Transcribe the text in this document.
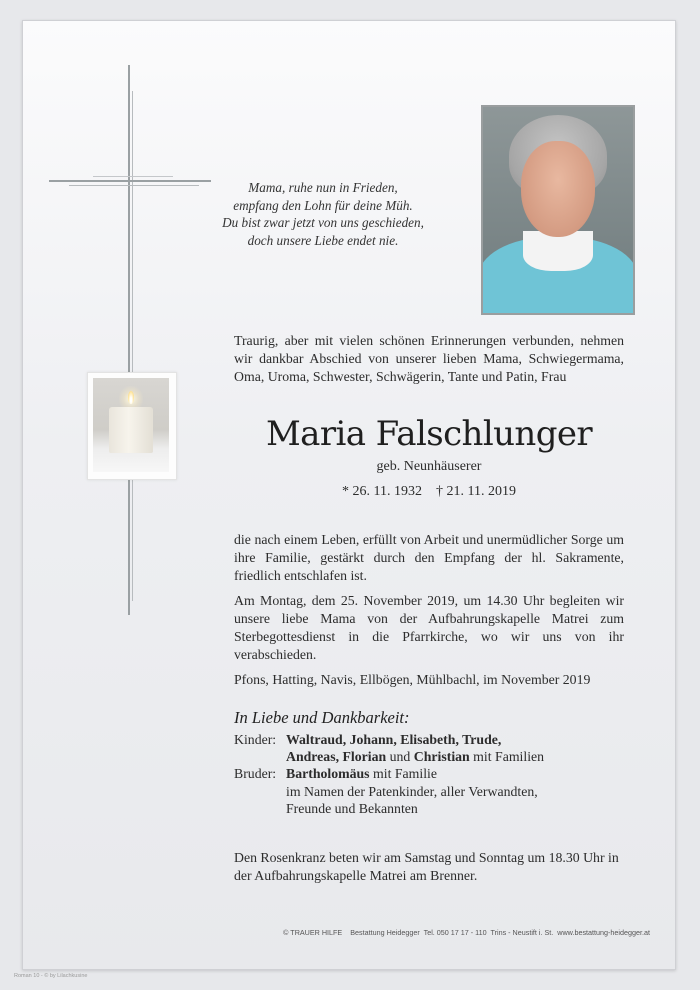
Mama, ruhe nun in Frieden,
empfang den Lohn für deine Müh.
Du bist zwar jetzt von uns geschieden,
doch unsere Liebe endet nie.
Traurig, aber mit vielen schönen Erinnerungen verbunden, nehmen wir dankbar Abschied von unserer lieben Mama, Schwiegermama, Oma, Uroma, Schwester, Schwägerin, Tante und Patin, Frau
Maria Falschlunger
geb. Neunhäuserer
* 26. 11. 1932    † 21. 11. 2019
die nach einem Leben, erfüllt von Arbeit und unermüdlicher Sorge um ihre Familie, gestärkt durch den Empfang der hl. Sakramente, friedlich entschlafen ist.
Am Montag, dem 25. November 2019, um 14.30 Uhr begleiten wir unsere liebe Mama von der Aufbahrungskapelle Matrei zum Sterbegottesdienst in die Pfarrkirche, wo wir uns von ihr verabschieden.
Pfons, Hatting, Navis, Ellbögen, Mühlbachl, im November 2019
In Liebe und Dankbarkeit:
Kinder: Waltraud, Johann, Elisabeth, Trude,
Andreas, Florian und Christian mit Familien
Bruder: Bartholomäus mit Familie
im Namen der Patenkinder, aller Verwandten,
Freunde und Bekannten
Den Rosenkranz beten wir am Samstag und Sonntag um 18.30 Uhr in der Aufbahrungskapelle Matrei am Brenner.
© TRAUER HILFE    Bestattung Heidegger  Tel. 050 17 17 - 110  Trins - Neustift i. St.  www.bestattung-heidegger.at
Roman 10 - © by Lilachkusine
